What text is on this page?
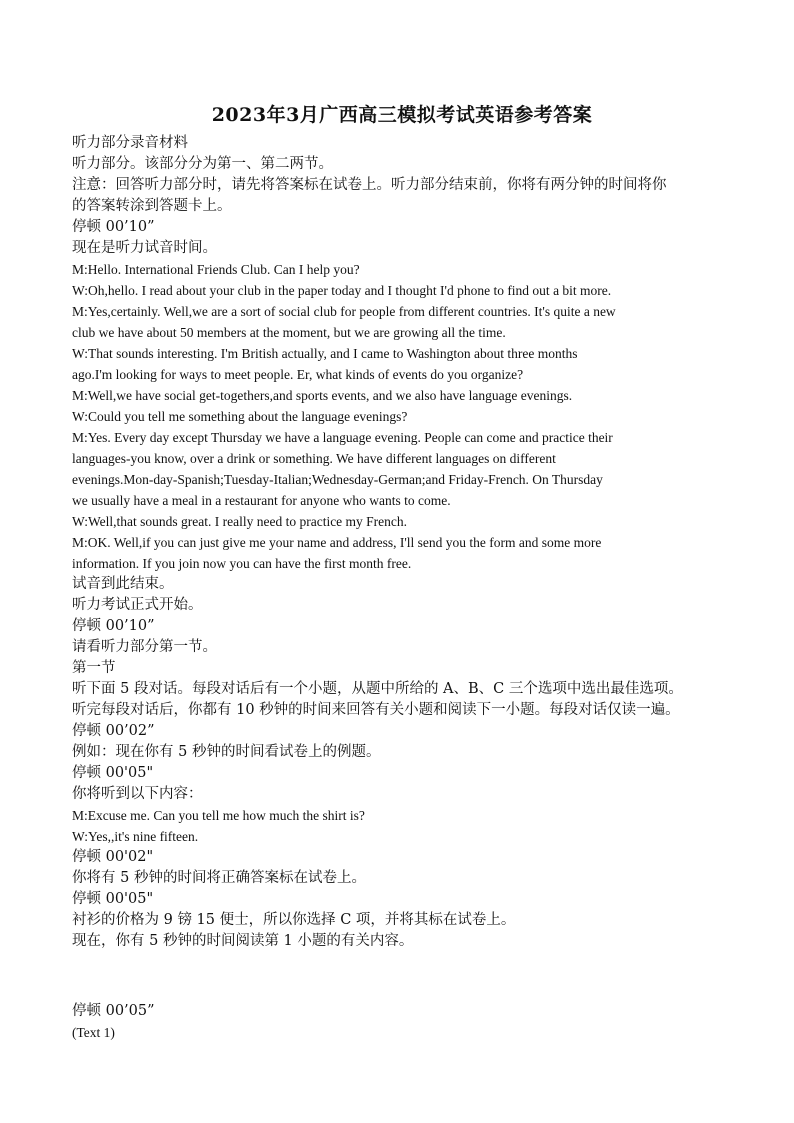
2023年3月广西高三模拟考试英语参考答案

听力部分录音材料

听力部分。该部分分为第一、第二两节。

注意：回答听力部分时，请先将答案标在试卷上。听力部分结束前，你将有两分钟的时间将你

的答案转涂到答题卡上。

停顿 00’10”

现在是听力试音时间。

M:Hello. International Friends Club. Can I help you?

W:Oh,hello. I read about your club in the paper today and I thought I'd phone to find out a bit more.

M:Yes,certainly. Well,we are a sort of social club for people from different countries. It's quite a new

club we have about 50 members at the moment, but we are growing all the time.

W:That sounds interesting. I'm British actually, and I came to Washington about three months

ago.I'm looking for ways to meet people. Er, what kinds of events do you organize?

M:Well,we have social get-togethers,and sports events, and we also have language evenings.

W:Could you tell me something about the language evenings?

M:Yes. Every day except Thursday we have a language evening. People can come and practice their

languages-you know, over a drink or something. We have different languages on different

evenings.Mon-day-Spanish;Tuesday-Italian;Wednesday-German;and Friday-French. On Thursday

we usually have a meal in a restaurant for anyone who wants to come.

W:Well,that sounds great. I really need to practice my French.

M:OK. Well,if you can just give me your name and address, I'll send you the form and some more

information. If you join now you can have the first month free.

试音到此结束。

听力考试正式开始。

停顿 00’10”

请看听力部分第一节。

第一节

听下面 5 段对话。每段对话后有一个小题，从题中所给的 A、B、C 三个选项中选出最佳选项。

听完每段对话后，你都有 10 秒钟的时间来回答有关小题和阅读下一小题。每段对话仅读一遍。

停顿 00’02”

例如：现在你有 5 秒钟的时间看试卷上的例题。

停顿 00'05"

你将听到以下内容：

M:Excuse me. Can you tell me how much the shirt is?

W:Yes,,it's nine fifteen.

停顿 00'02"

你将有 5 秒钟的时间将正确答案标在试卷上。

停顿 00'05"

衬衫的价格为 9 镑 15 便士，所以你选择 C 项，并将其标在试卷上。

现在，你有 5 秒钟的时间阅读第 1 小题的有关内容。

停顿 00’05”

(Text 1)
